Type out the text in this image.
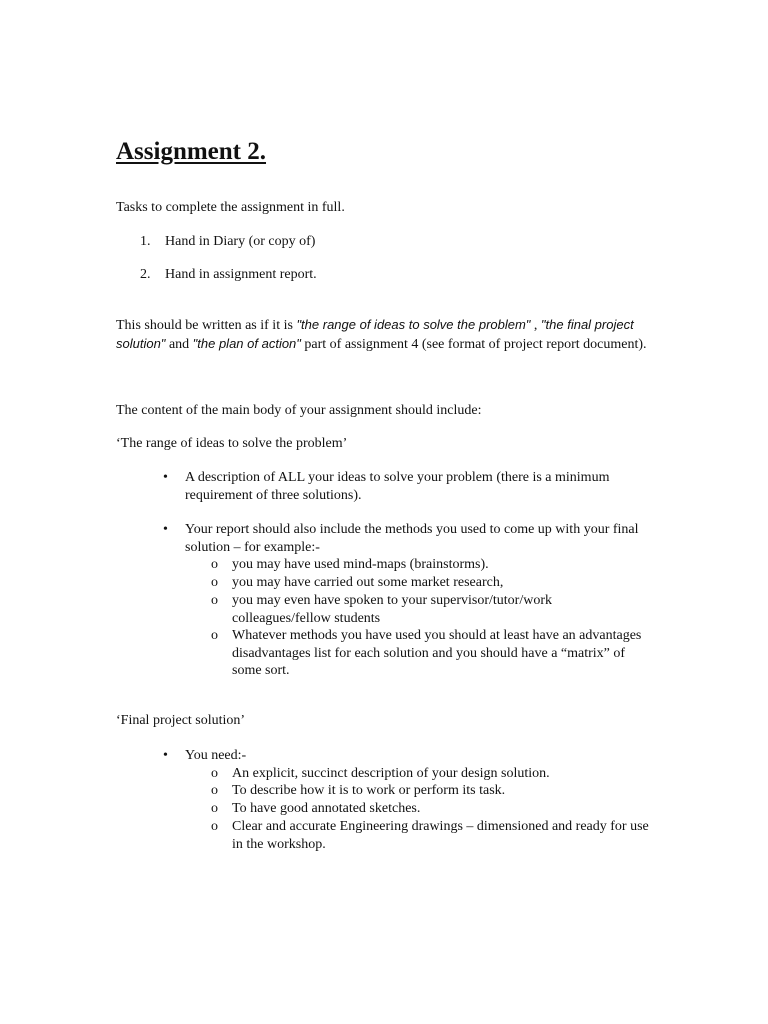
Assignment 2.

Tasks to complete the assignment in full.

1. Hand in Diary (or copy of)
2. Hand in assignment report.

This should be written as if it is "the range of ideas to solve the problem" , "the final project solution" and "the plan of action" part of assignment 4 (see format of project report document).

The content of the main body of your assignment should include:

‘The range of ideas to solve the problem’

• A description of ALL your ideas to solve your problem (there is a minimum requirement of three solutions).
• Your report should also include the methods you used to come up with your final solution – for example:-
o you may have used mind-maps (brainstorms).
o you may have carried out some market research,
o you may even have spoken to your supervisor/tutor/work colleagues/fellow students
o Whatever methods you have used you should at least have an advantages disadvantages list for each solution and you should have a “matrix” of some sort.

‘Final project solution’

• You need:-
o An explicit, succinct description of your design solution.
o To describe how it is to work or perform its task.
o To have good annotated sketches.
o Clear and accurate Engineering drawings – dimensioned and ready for use in the workshop.
